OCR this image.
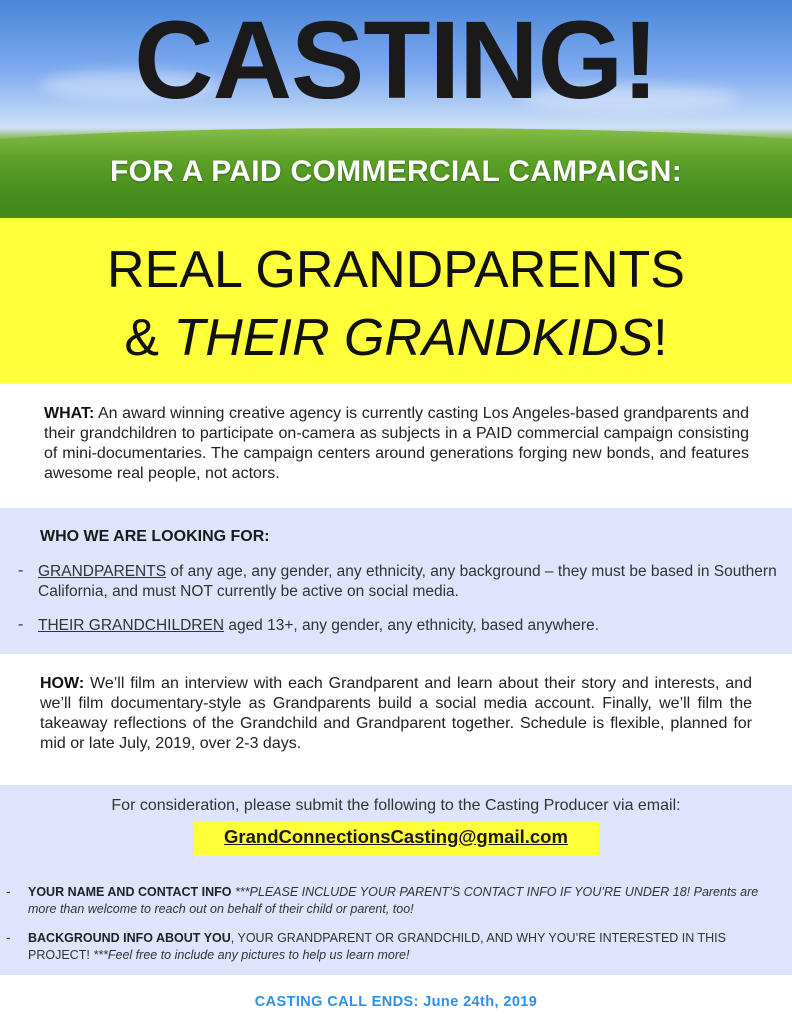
CASTING!
FOR A PAID COMMERCIAL CAMPAIGN:
REAL GRANDPARENTS
& THEIR GRANDKIDS!
WHAT: An award winning creative agency is currently casting Los Angeles-based grandparents and their grandchildren to participate on-camera as subjects in a PAID commercial campaign consisting of mini-documentaries. The campaign centers around generations forging new bonds, and features awesome real people, not actors.
WHO WE ARE LOOKING FOR:
- GRANDPARENTS of any age, any gender, any ethnicity, any background – they must be based in Southern California, and must NOT currently be active on social media.
- THEIR GRANDCHILDREN aged 13+, any gender, any ethnicity, based anywhere.
HOW: We’ll film an interview with each Grandparent and learn about their story and interests, and we’ll film documentary-style as Grandparents build a social media account. Finally, we’ll film the takeaway reflections of the Grandchild and Grandparent together. Schedule is flexible, planned for mid or late July, 2019, over 2-3 days.
For consideration, please submit the following to the Casting Producer via email:
GrandConnectionsCasting@gmail.com
- YOUR NAME AND CONTACT INFO ***PLEASE INCLUDE YOUR PARENT’S CONTACT INFO IF YOU’RE UNDER 18! Parents are more than welcome to reach out on behalf of their child or parent, too!
- BACKGROUND INFO ABOUT YOU, YOUR GRANDPARENT OR GRANDCHILD, AND WHY YOU’RE INTERESTED IN THIS PROJECT! ***Feel free to include any pictures to help us learn more!
CASTING CALL ENDS: June 24th, 2019
